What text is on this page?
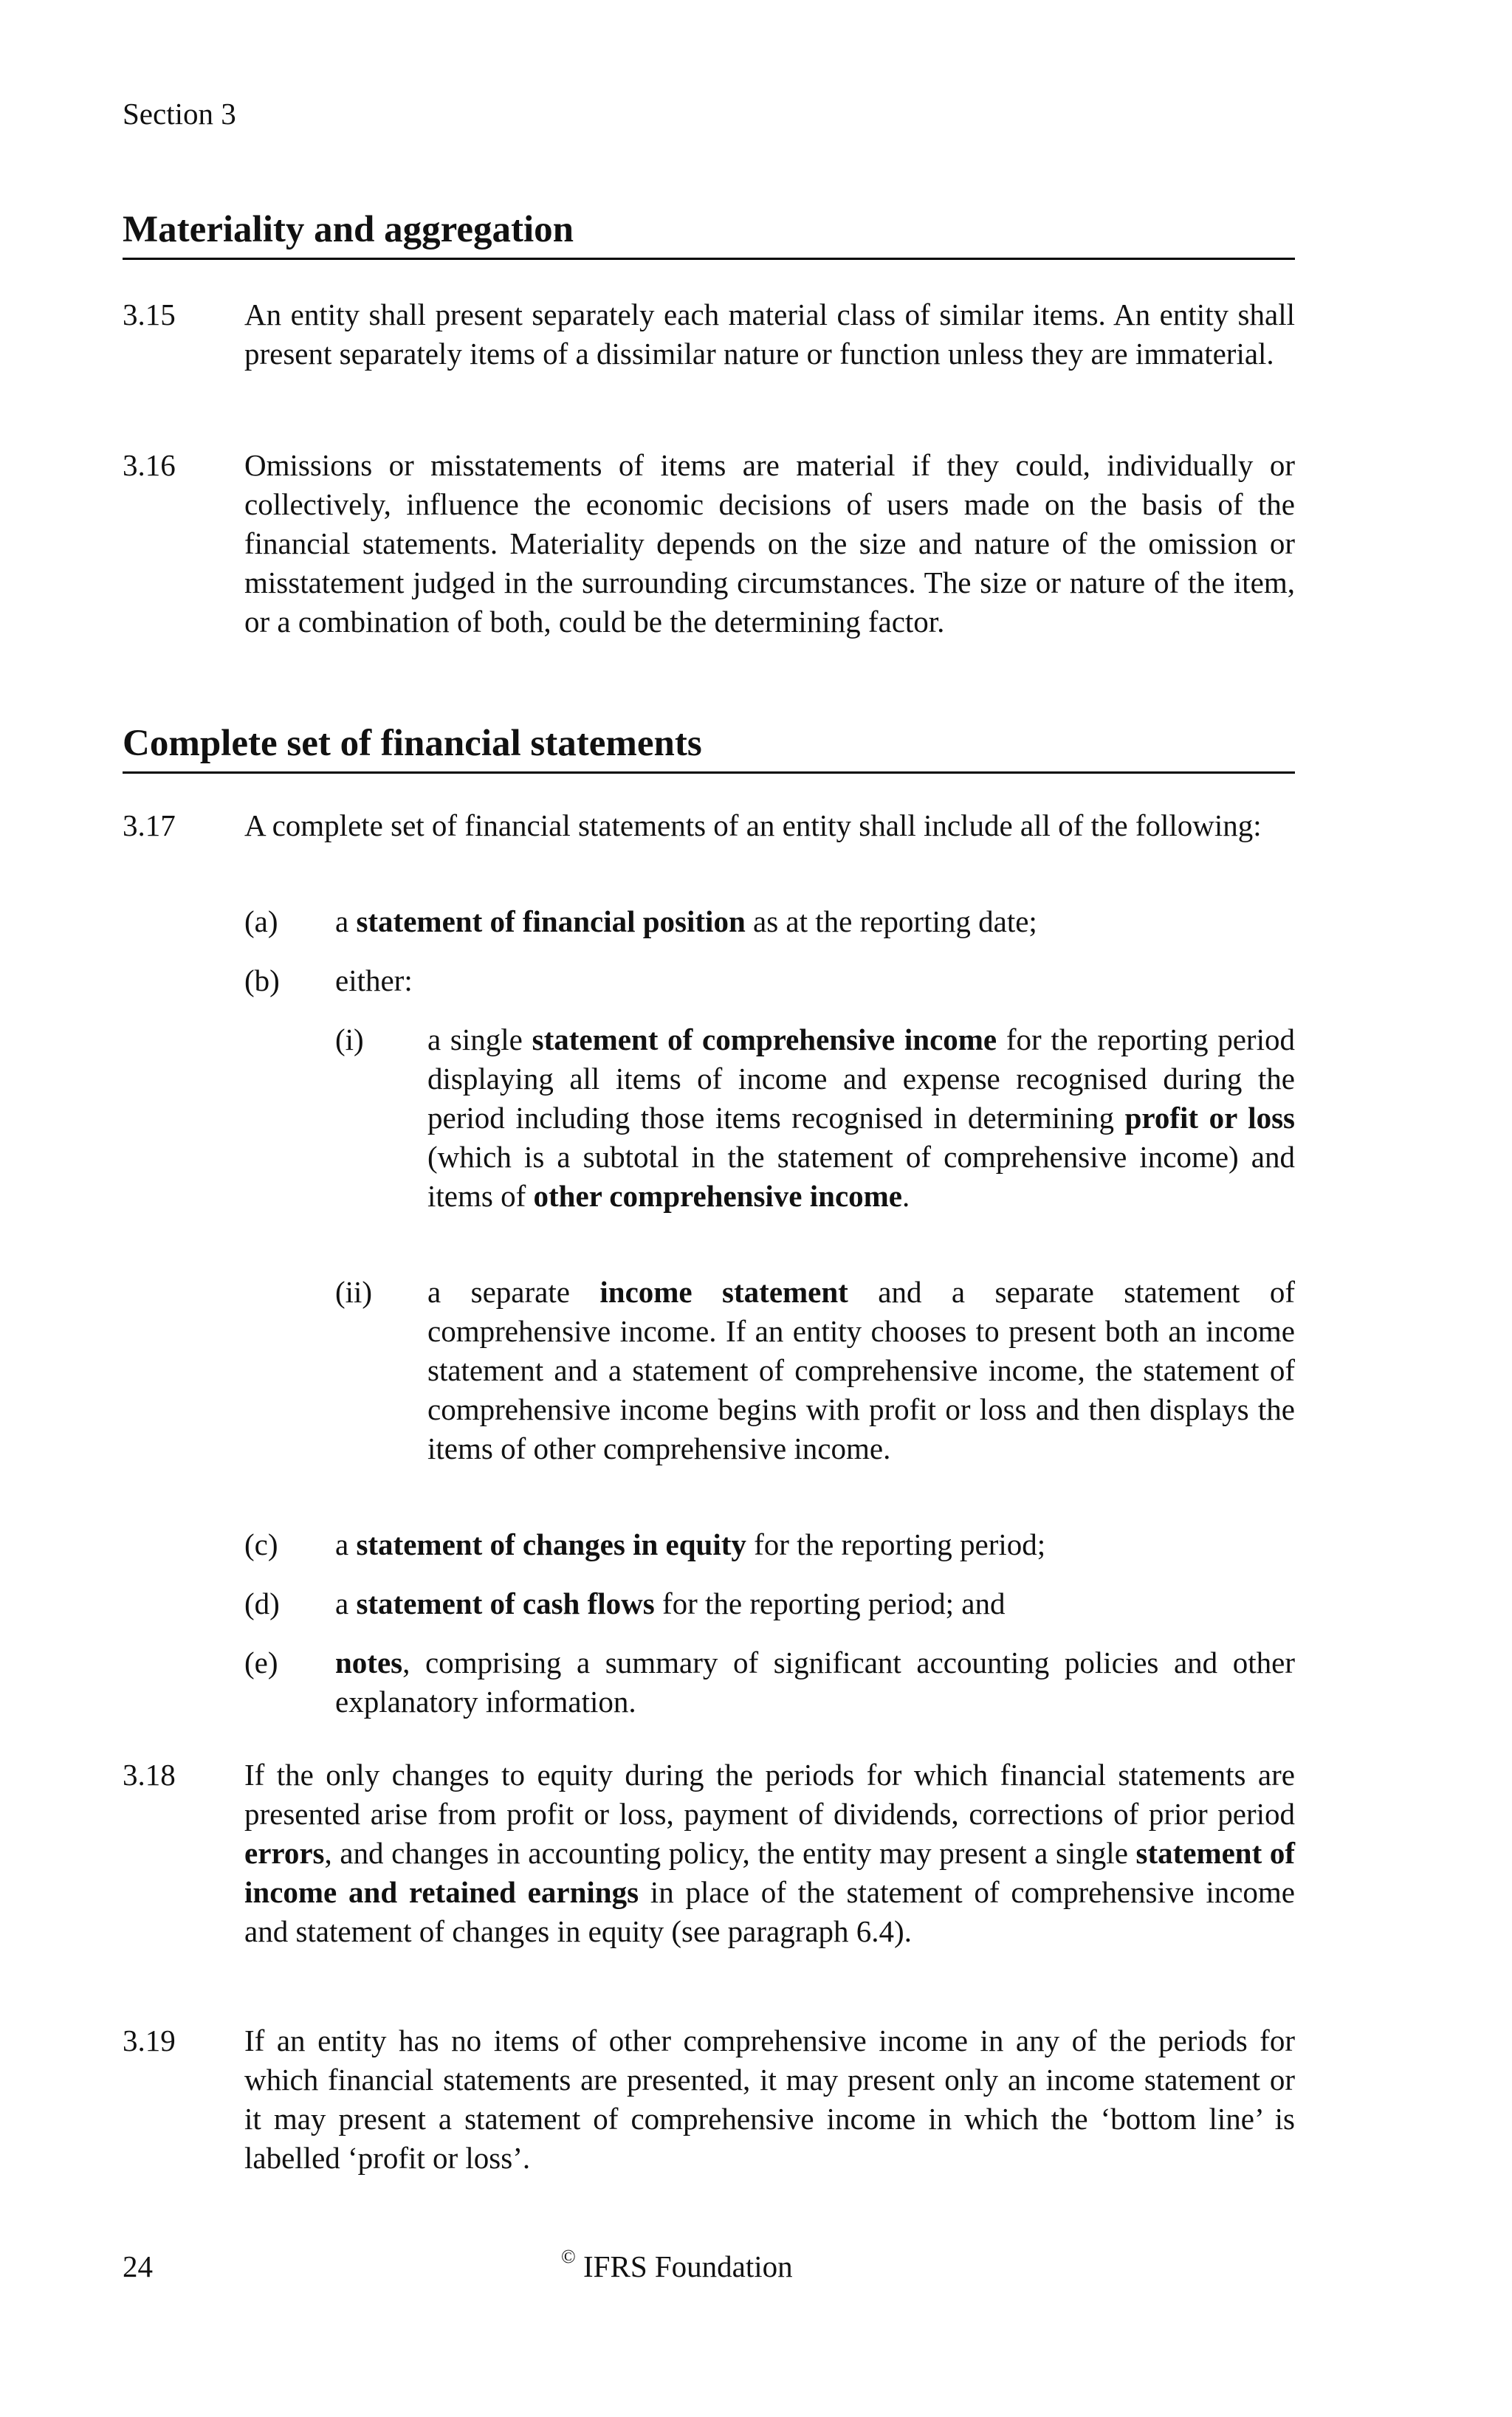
Section 3
Materiality and aggregation
3.15 An entity shall present separately each material class of similar items. An entity shall present separately items of a dissimilar nature or function unless they are immaterial.
3.16 Omissions or misstatements of items are material if they could, individually or collectively, influence the economic decisions of users made on the basis of the financial statements. Materiality depends on the size and nature of the omission or misstatement judged in the surrounding circumstances. The size or nature of the item, or a combination of both, could be the determining factor.
Complete set of financial statements
3.17 A complete set of financial statements of an entity shall include all of the following:
(a) a statement of financial position as at the reporting date;
(b) either:
(i) a single statement of comprehensive income for the reporting period displaying all items of income and expense recognised during the period including those items recognised in determining profit or loss (which is a subtotal in the statement of comprehensive income) and items of other comprehensive income.
(ii) a separate income statement and a separate statement of comprehensive income. If an entity chooses to present both an income statement and a statement of comprehensive income, the statement of comprehensive income begins with profit or loss and then displays the items of other comprehensive income.
(c) a statement of changes in equity for the reporting period;
(d) a statement of cash flows for the reporting period; and
(e) notes, comprising a summary of significant accounting policies and other explanatory information.
3.18 If the only changes to equity during the periods for which financial statements are presented arise from profit or loss, payment of dividends, corrections of prior period errors, and changes in accounting policy, the entity may present a single statement of income and retained earnings in place of the statement of comprehensive income and statement of changes in equity (see paragraph 6.4).
3.19 If an entity has no items of other comprehensive income in any of the periods for which financial statements are presented, it may present only an income statement or it may present a statement of comprehensive income in which the ‘bottom line’ is labelled ‘profit or loss’.
24	© IFRS Foundation
